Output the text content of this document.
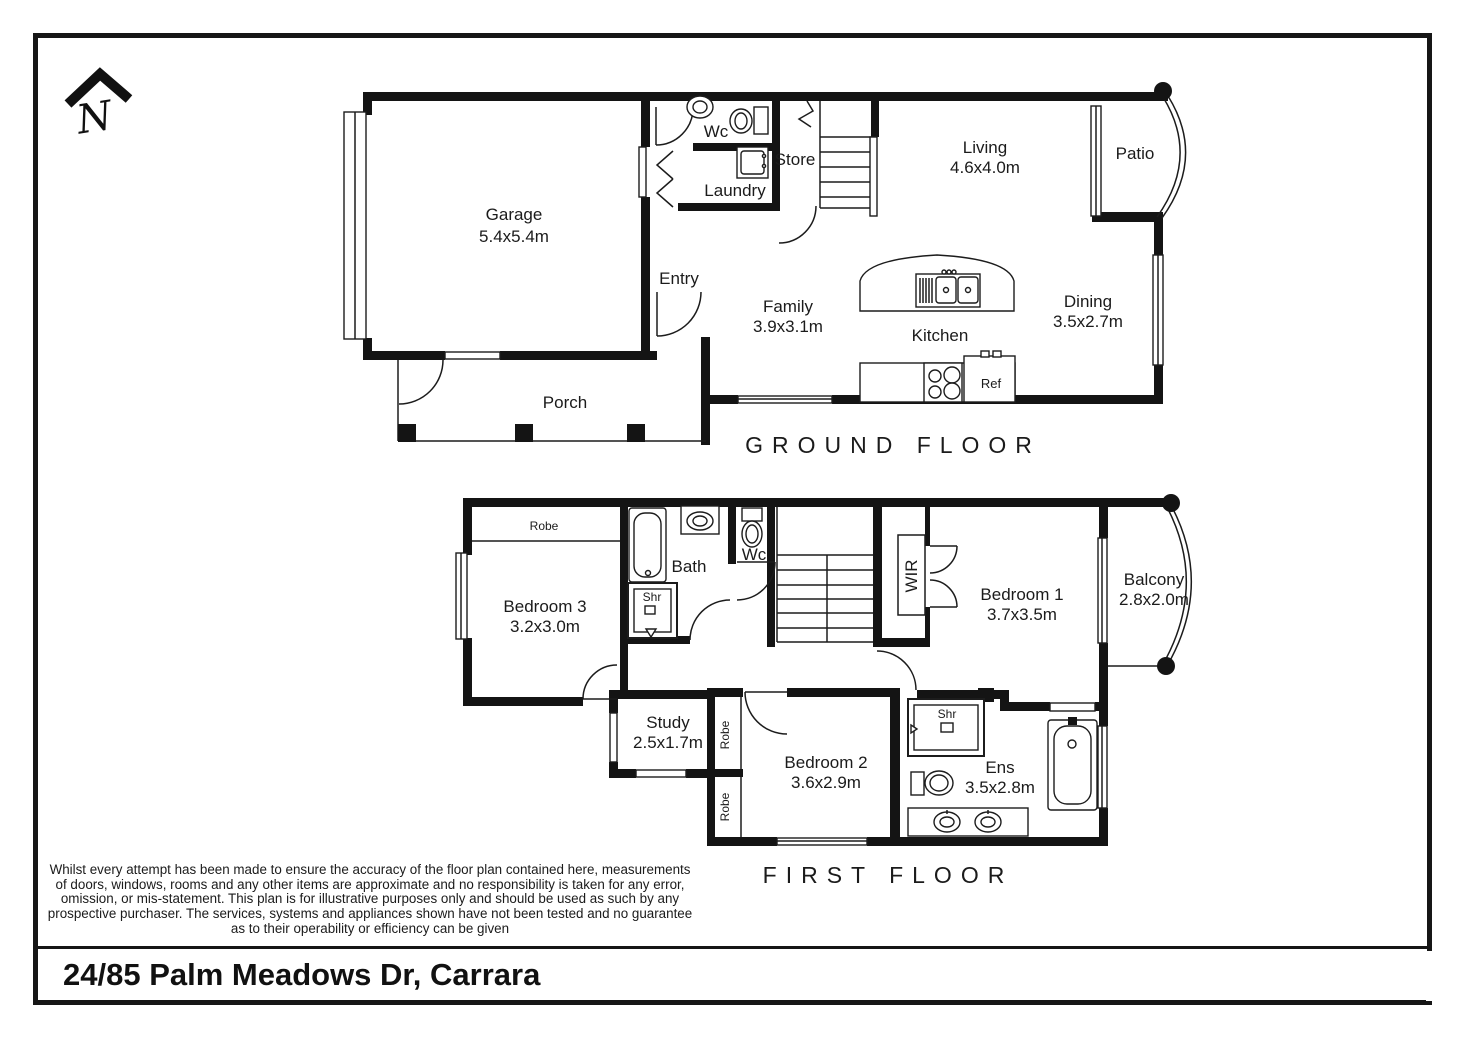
N
Garage
5.4x5.4m
Wc
Laundry
Store
Entry
Porch
Family
3.9x3.1m	Kitchen
Dining
3.5x2.7m
Living
4.6x4.0m
Patio
Ref
GROUND FLOOR
Robe
Bedroom 3
3.2x3.0m
Bath
Shr
Wc
WIR
Bedroom 1
3.7x3.5m
Balcony
2.8x2.0m
Study
2.5x1.7m Robe
Robe
Bedroom 2
3.6x2.9m
Shr
Ens
3.5x2.8m
FIRST FLOOR
Whilst every attempt has been made to ensure the accuracy of the floor plan contained here, measurements
of doors, windows, rooms and any other items are approximate and no responsibility is taken for any error,
omission, or mis-statement. This plan is for illustrative purposes only and should be used as such by any
prospective purchaser. The services, systems and appliances shown have not been tested and no guarantee
as to their operability or efficiency can be given
24/85 Palm Meadows Dr, Carrara
